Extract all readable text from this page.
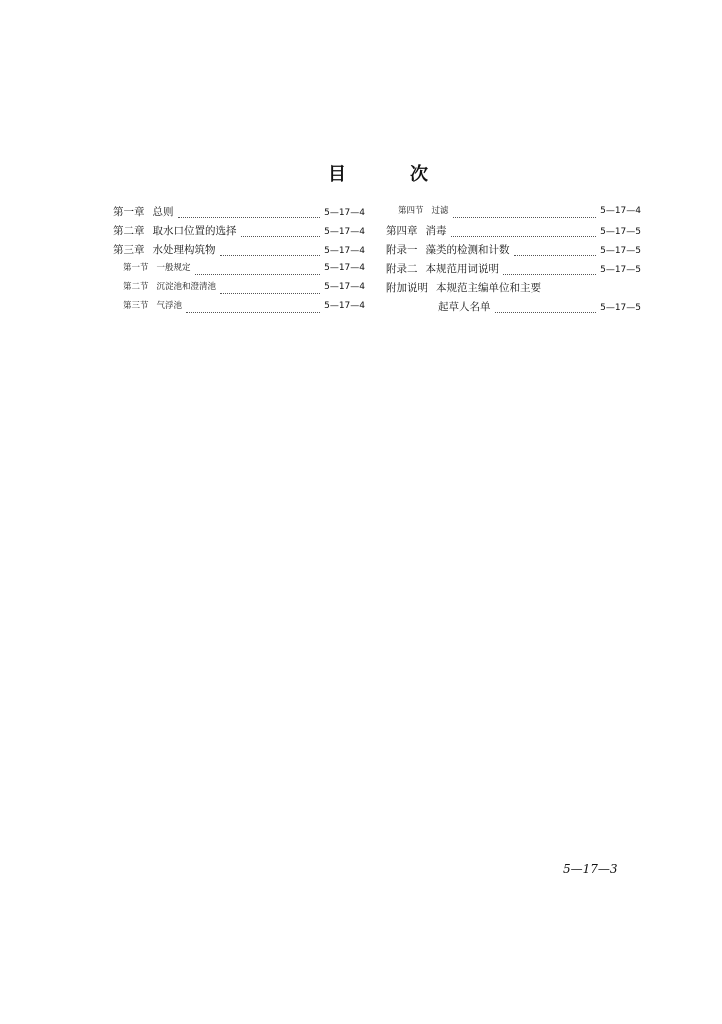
目	次
第一章 总则	5—17—4
第二章 取水口位置的选择	5—17—4
第三章 水处理构筑物	5—17—4
第一节 一般规定	5—17—4
第二节 沉淀池和澄清池	5—17—4
第三节 气浮池	5—17—4
第四节 过滤	5—17—4
第四章 消毒	5—17—5
附录一 藻类的检测和计数	5—17—5
附录二 本规范用词说明	5—17—5
附加说明 本规范主编单位和主要
起草人名单	5—17—5
5—17—3
